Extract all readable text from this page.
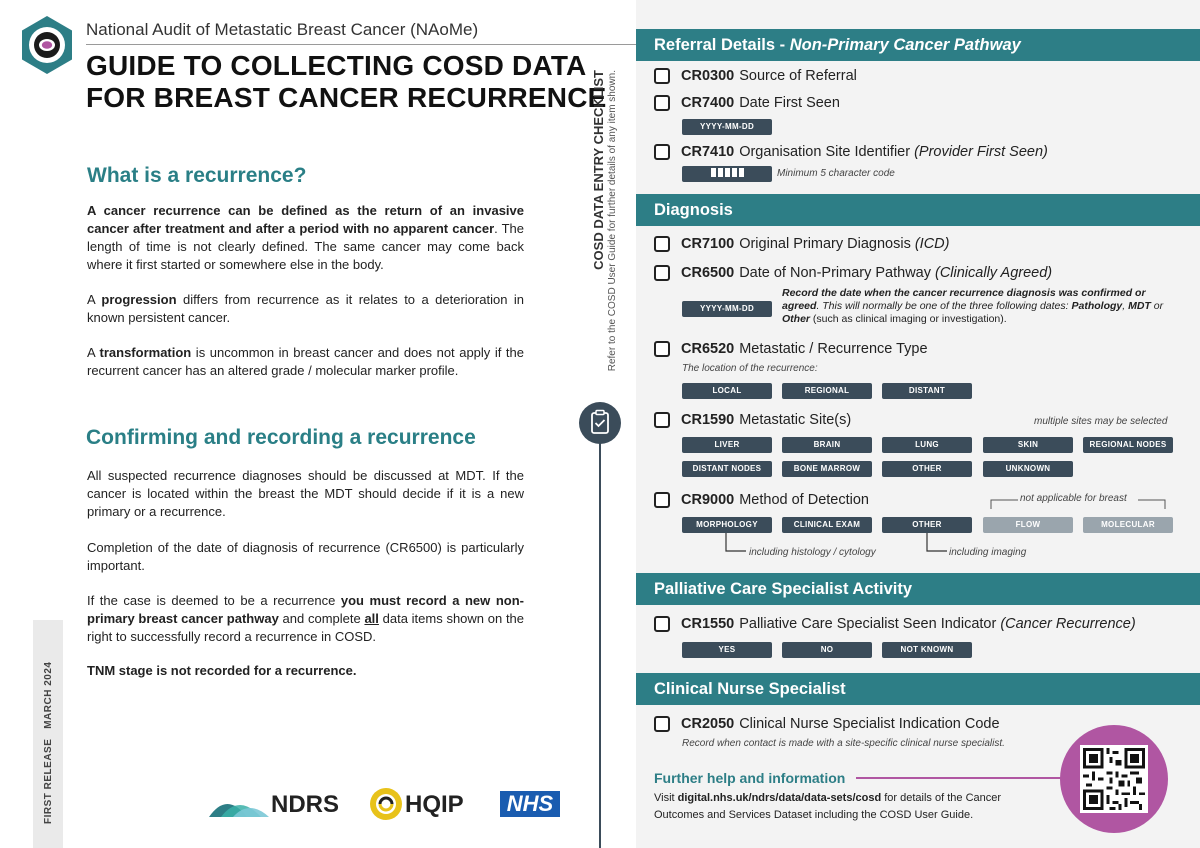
National Audit of Metastatic Breast Cancer (NAoMe)
GUIDE TO COLLECTING COSD DATA
FOR BREAST CANCER RECURRENCE
What is a recurrence?

A cancer recurrence can be defined as the return of an invasive cancer after treatment and after a period with no apparent cancer. The length of time is not clearly defined. The same cancer may come back where it first started or somewhere else in the body.

A progression differs from recurrence as it relates to a deterioration in known persistent cancer.

A transformation is uncommon in breast cancer and does not apply if the recurrent cancer has an altered grade / molecular marker profile.

Confirming and recording a recurrence

All suspected recurrence diagnoses should be discussed at MDT. If the cancer is located within the breast the MDT should decide if it is a new primary or a recurrence.

Completion of the date of diagnosis of recurrence (CR6500) is particularly important.

If the case is deemed to be a recurrence you must record a new non-primary breast cancer pathway and complete all data items shown on the right to successfully record a recurrence in COSD.

TNM stage is not recorded for a recurrence.

FIRST RELEASE   MARCH 2024	NDRS	HQIP	NHS
COSD DATA ENTRY CHECKLIST Refer to the COSD User Guide for further details of any item shown.
Referral Details - Non-Primary Cancer Pathway
CR0300 Source of Referral
CR7400 Date First Seen
YYYY-MM-DD
CR7410 Organisation Site Identifier (Provider First Seen)
Minimum 5 character code
Diagnosis
CR7100 Original Primary Diagnosis (ICD)
CR6500 Date of Non-Primary Pathway (Clinically Agreed)
YYYY-MM-DD
Record the date when the cancer recurrence diagnosis was confirmed or agreed. This will normally be one of the three following dates: Pathology, MDT or Other (such as clinical imaging or investigation).
CR6520 Metastatic / Recurrence Type
The location of the recurrence:
LOCAL	REGIONAL	DISTANT
CR1590 Metastatic Site(s)	multiple sites may be selected
LIVER	BRAIN	LUNG	SKIN	REGIONAL NODES
DISTANT NODES	BONE MARROW	OTHER	UNKNOWN
CR9000 Method of Detection	not applicable for breast
MORPHOLOGY	CLINICAL EXAM	OTHER	FLOW	MOLECULAR
including histology / cytology	including imaging
Palliative Care Specialist Activity
CR1550 Palliative Care Specialist Seen Indicator (Cancer Recurrence)
YES	NO	NOT KNOWN
Clinical Nurse Specialist
CR2050 Clinical Nurse Specialist Indication Code
Record when contact is made with a site-specific clinical nurse specialist.
Further help and information
Visit digital.nhs.uk/ndrs/data/data-sets/cosd for details of the Cancer Outcomes and Services Dataset including the COSD User Guide.
